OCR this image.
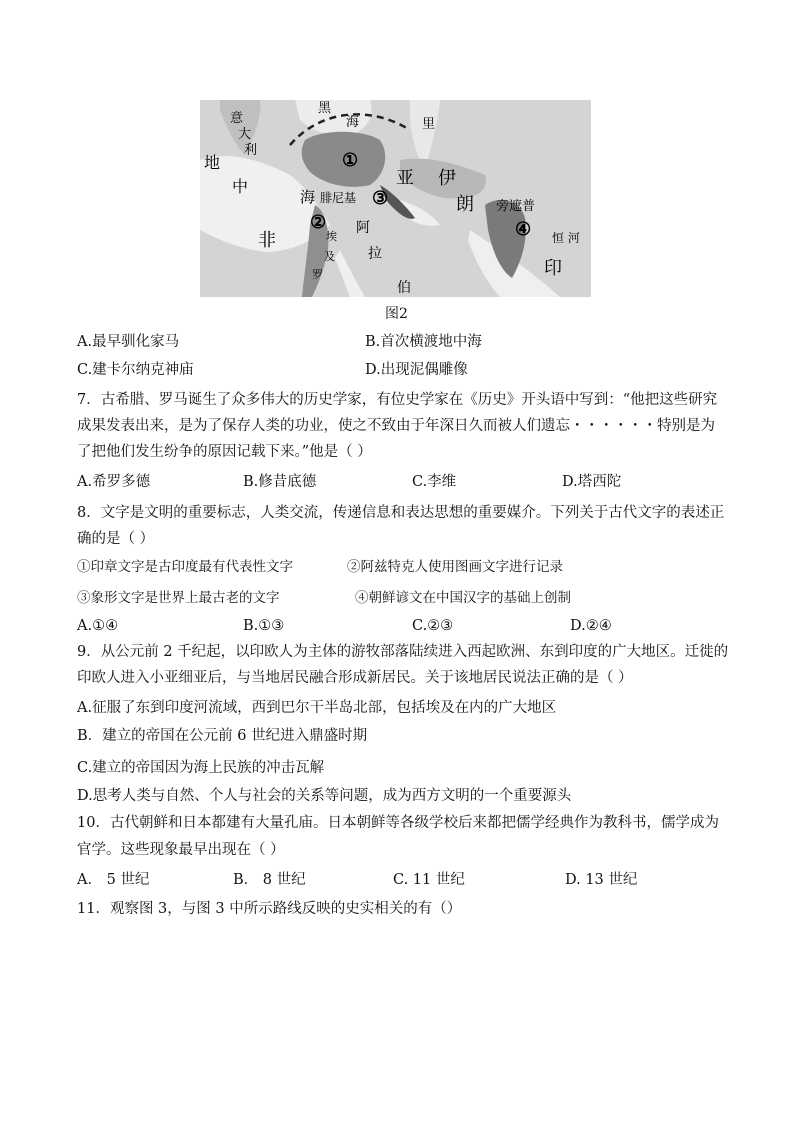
意
大
利
黑
海	里
地
中
海 腓尼基
亚 伊
朗 旁遮普
非
阿
拉
伯
恒 河
印
埃
及
罗
①
②
③
④
图2
A.最早驯化家马	B.首次横渡地中海
C.建卡尔纳克神庙	D.出现泥偶雕像
7．古希腊、罗马诞生了众多伟大的历史学家，有位史学家在《历史》开头语中写到：“他把这些研究
成果发表出来，是为了保存人类的功业，使之不致由于年深日久而被人们遗忘・・・・・・特别是为
了把他们发生纷争的原因记载下来。”他是（ ）
A.希罗多德	B.修昔底德	C.李维	D.塔西陀
8．文字是文明的重要标志，人类交流，传递信息和表达思想的重要媒介。下列关于古代文字的表述正
确的是（ ）
①印章文字是古印度最有代表性文字	②阿兹特克人使用图画文字进行记录
③象形文字是世界上最古老的文字	④朝鲜谚文在中国汉字的基础上创制
A.①④	B.①③	C.②③	D.②④
9．从公元前 2 千纪起，以印欧人为主体的游牧部落陆续进入西起欧洲、东到印度的广大地区。迁徙的
印欧人进入小亚细亚后，与当地居民融合形成新居民。关于该地居民说法正确的是（ ）
A.征服了东到印度河流域，西到巴尔干半岛北部，包括埃及在内的广大地区
B．建立的帝国在公元前 6 世纪进入鼎盛时期
C.建立的帝国因为海上民族的冲击瓦解
D.思考人类与自然、个人与社会的关系等问题，成为西方文明的一个重要源头
10．古代朝鲜和日本都建有大量孔庙。日本朝鲜等各级学校后来都把儒学经典作为教科书，儒学成为
官学。这些现象最早出现在（ ）
A． 5 世纪	B． 8 世纪	C. 11 世纪	D. 13 世纪
11．观察图 3，与图 3 中所示路线反映的史实相关的有（）
